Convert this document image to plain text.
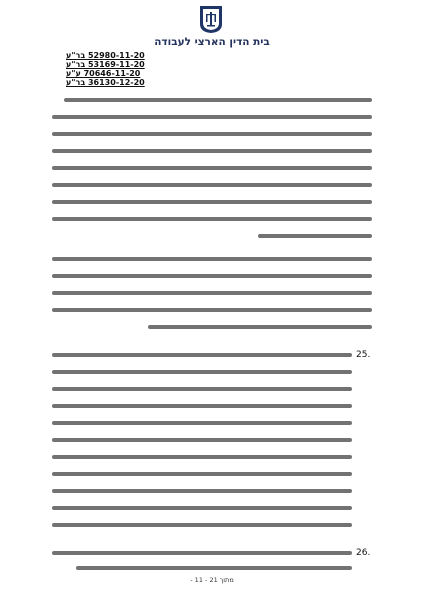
בית הדין הארצי לעבודה
52980-11-20 בר"ע
53169-11-20 בר"ע
70646-11-20 ע"ע
36130-12-20 בר"ע
25.
26.
- 11 - מתוך 21
